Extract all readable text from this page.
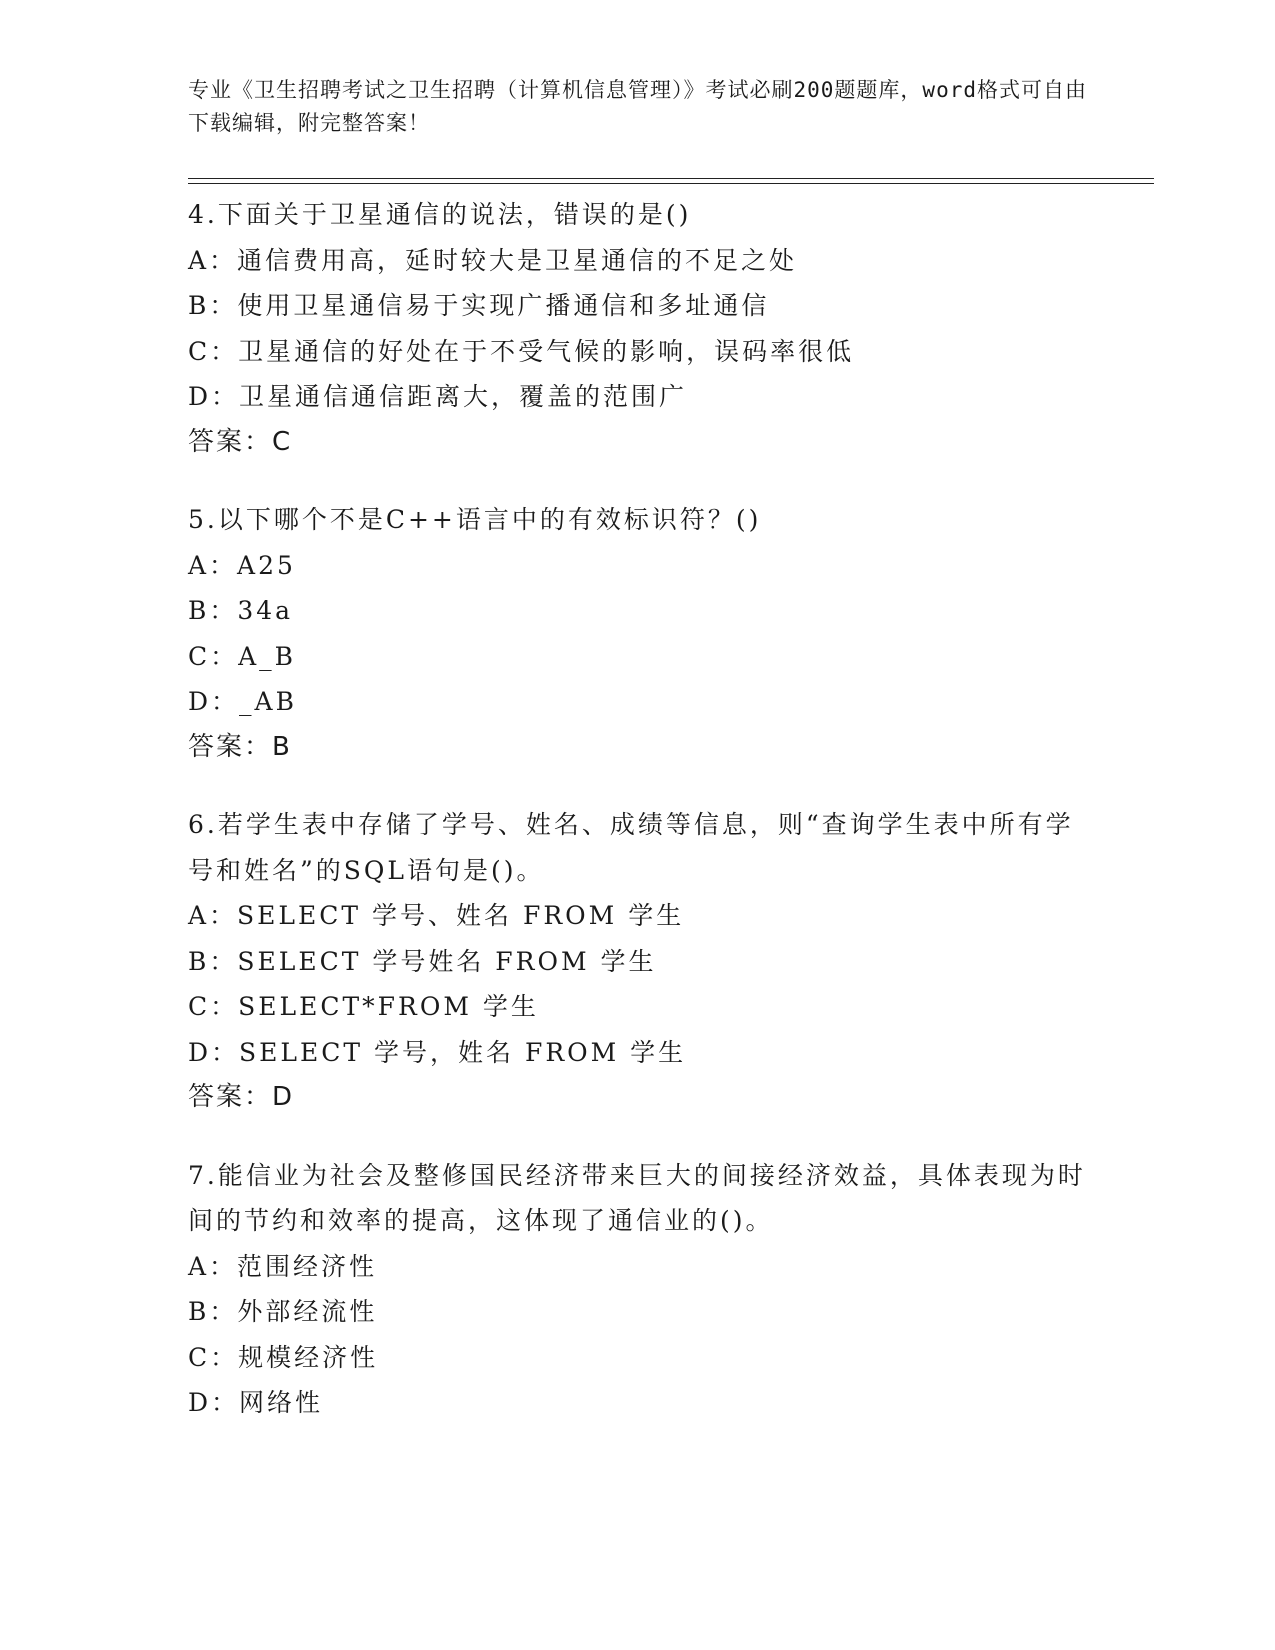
专业《卫生招聘考试之卫生招聘（计算机信息管理）》考试必刷200题题库，word格式可自由下载编辑，附完整答案！

4.下面关于卫星通信的说法，错误的是()

A：通信费用高，延时较大是卫星通信的不足之处

B：使用卫星通信易于实现广播通信和多址通信

C：卫星通信的好处在于不受气候的影响，误码率很低

D：卫星通信通信距离大，覆盖的范围广

答案：C

5.以下哪个不是C++语言中的有效标识符？()

A：A25

B：34a

C：A_B

D：_AB

答案：B

6.若学生表中存储了学号、姓名、成绩等信息，则“查询学生表中所有学号和姓名”的SQL语句是()。

A：SELECT 学号、姓名 FROM 学生

B：SELECT 学号姓名 FROM 学生

C：SELECT*FROM 学生

D：SELECT 学号，姓名 FROM 学生

答案：D

7.能信业为社会及整修国民经济带来巨大的间接经济效益，具体表现为时间的节约和效率的提高，这体现了通信业的()。

A：范围经济性

B：外部经流性

C：规模经济性

D：网络性
